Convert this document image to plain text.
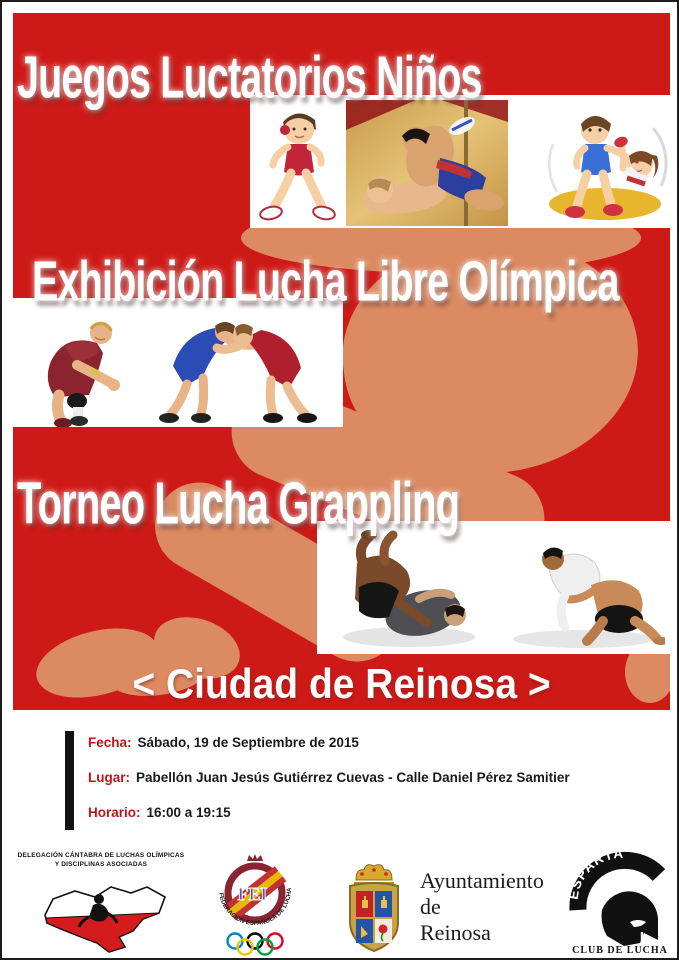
Juegos Luctatorios Niños
Exhibición Lucha Libre Olímpica
Torneo Lucha Grappling
< Ciudad de Reinosa >
Fecha: Sábado, 19 de Septiembre de 2015
Lugar: Pabellón Juan Jesús Gutiérrez Cuevas - Calle Daniel Pérez Samitier
Horario: 16:00 a 19:15
DELEGACIÓN CÁNTABRA DE LUCHAS OLÍMPICAS
Y DISCIPLINAS ASOCIADAS
FEL
FEDERACIÓN ESPAÑOLA DE LUCHA	Ayuntamiento
de
Reinosa
ESPARTA
CLUB DE LUCHA
